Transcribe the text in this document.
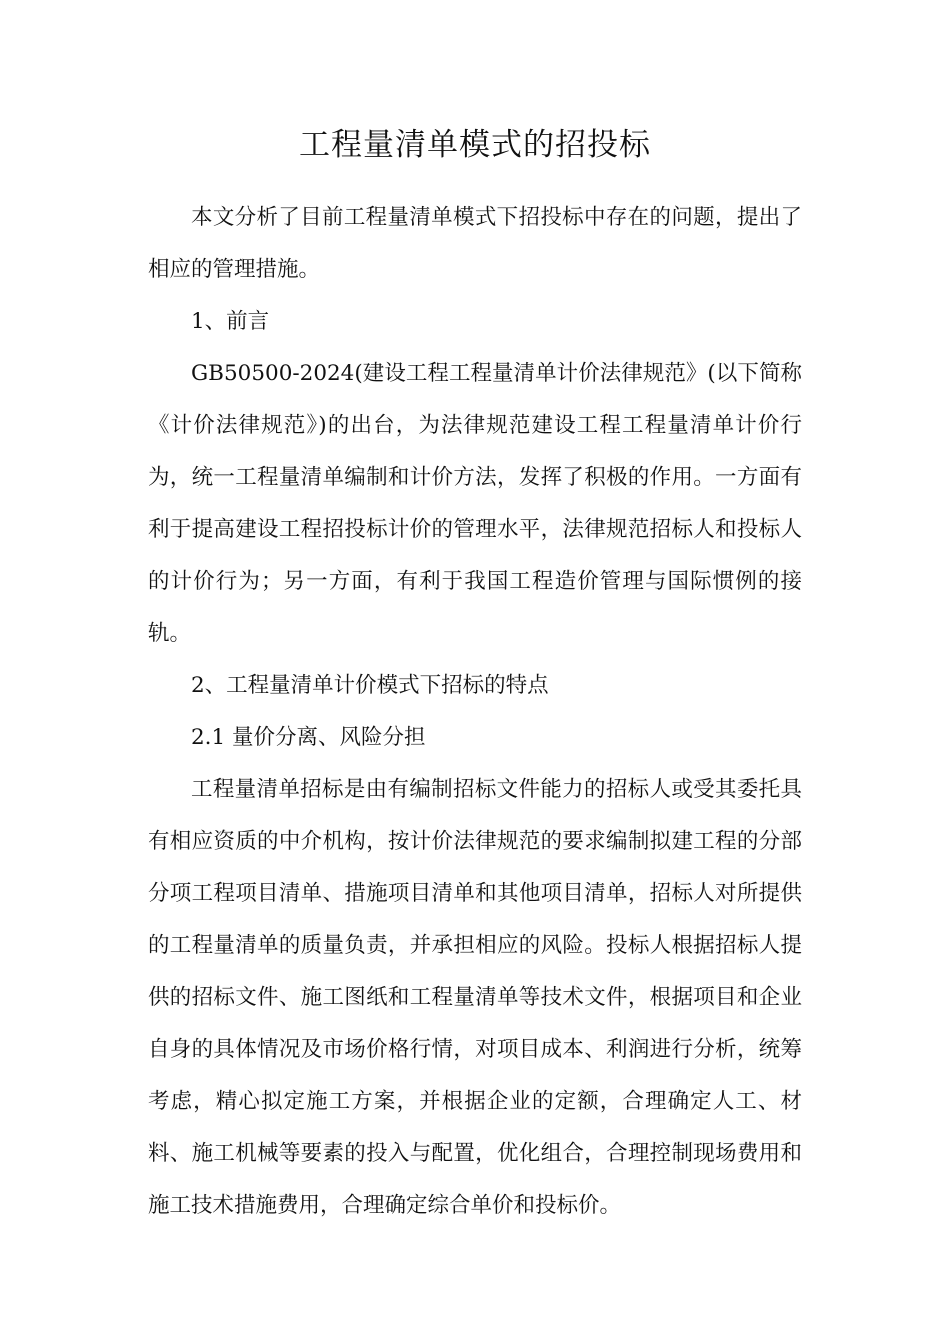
工程量清单模式的招投标

本文分析了目前工程量清单模式下招投标中存在的问题，提出了相应的管理措施。

1、前言

GB50500-2024(建设工程工程量清单计价法律规范》(以下简称《计价法律规范》)的出台，为法律规范建设工程工程量清单计价行为，统一工程量清单编制和计价方法，发挥了积极的作用。一方面有利于提高建设工程招投标计价的管理水平，法律规范招标人和投标人的计价行为；另一方面，有利于我国工程造价管理与国际惯例的接轨。

2、工程量清单计价模式下招标的特点

2.1 量价分离、风险分担

工程量清单招标是由有编制招标文件能力的招标人或受其委托具有相应资质的中介机构，按计价法律规范的要求编制拟建工程的分部分项工程项目清单、措施项目清单和其他项目清单，招标人对所提供的工程量清单的质量负责，并承担相应的风险。投标人根据招标人提供的招标文件、施工图纸和工程量清单等技术文件，根据项目和企业自身的具体情况及市场价格行情，对项目成本、利润进行分析，统筹考虑，精心拟定施工方案，并根据企业的定额，合理确定人工、材料、施工机械等要素的投入与配置，优化组合，合理控制现场费用和施工技术措施费用，合理确定综合单价和投标价。
